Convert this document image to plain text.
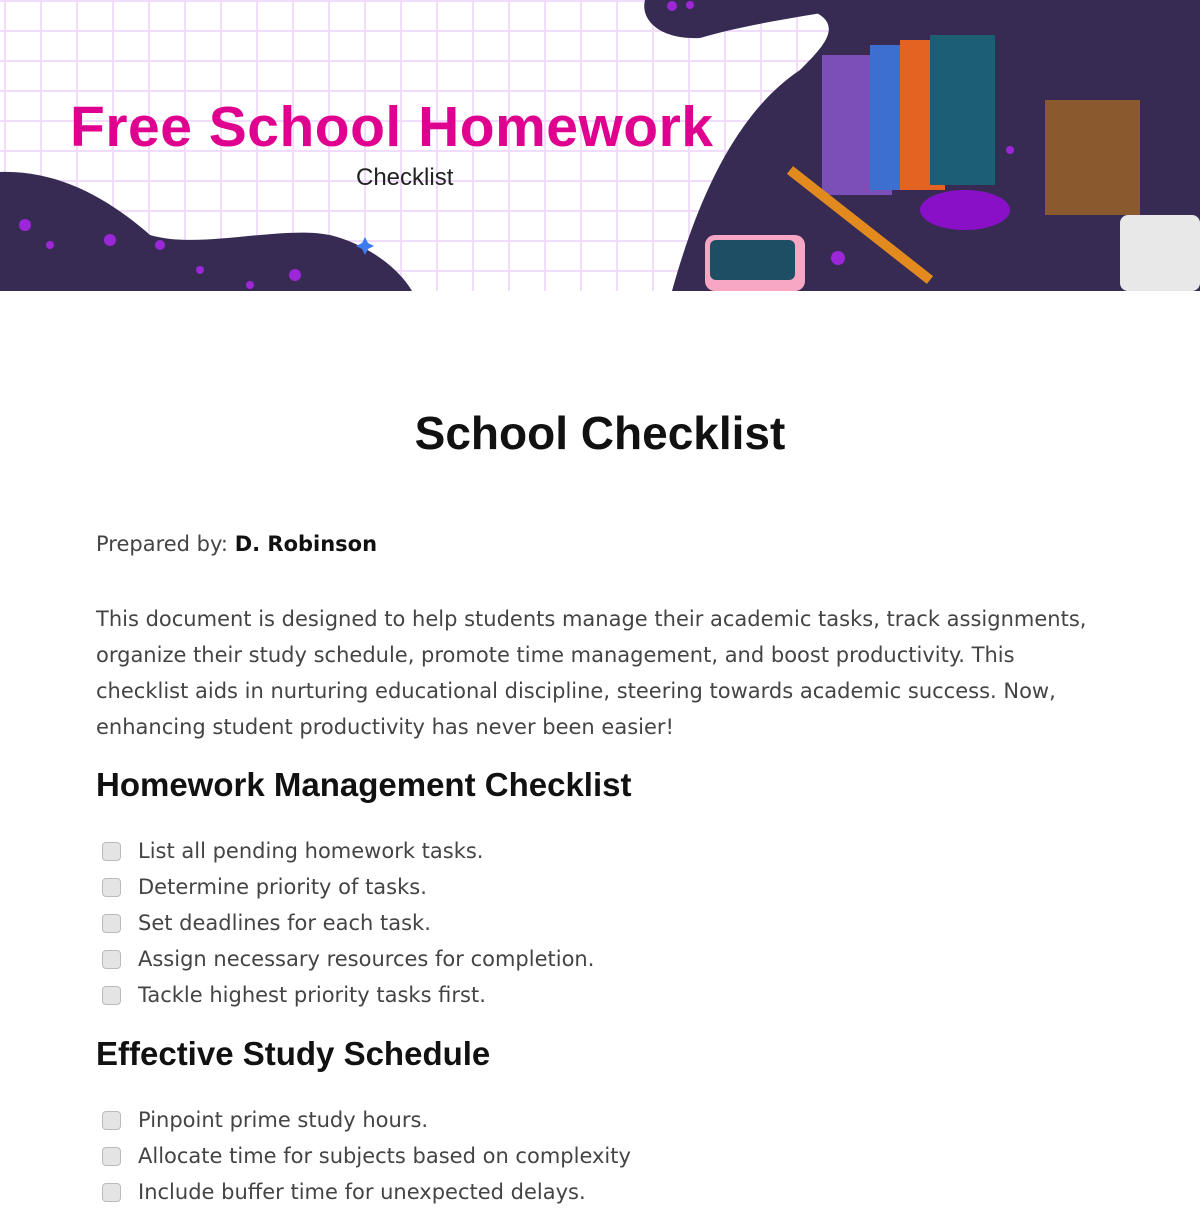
Free School Homework
Checklist
School Checklist
Prepared by: D. Robinson

This document is designed to help students manage their academic tasks, track assignments, organize their study schedule, promote time management, and boost productivity. This checklist aids in nurturing educational discipline, steering towards academic success. Now, enhancing student productivity has never been easier!

Homework Management Checklist
List all pending homework tasks.
Determine priority of tasks.
Set deadlines for each task.
Assign necessary resources for completion.
Tackle highest priority tasks first.
Effective Study Schedule
Pinpoint prime study hours.
Allocate time for subjects based on complexity
Include buffer time for unexpected delays.
